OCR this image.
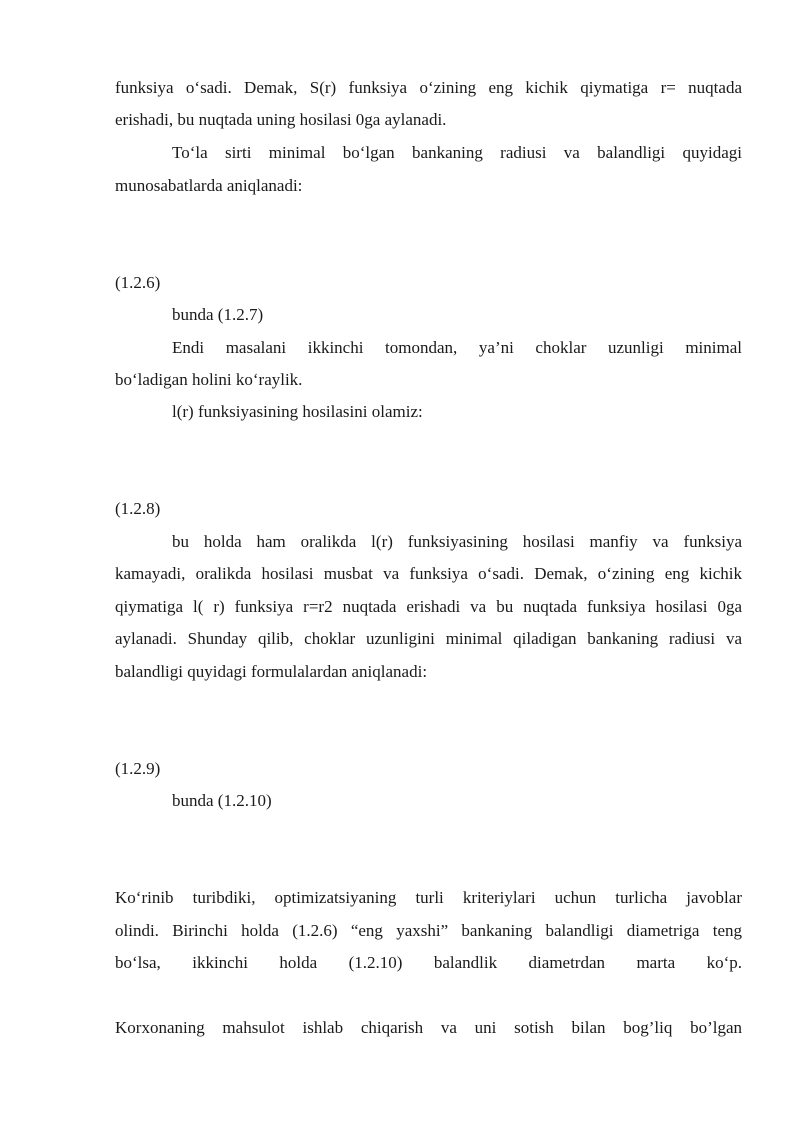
funksiya o‘sadi. Demak, S(r) funksiya o‘zining eng kichik qiymatiga r= nuqtada
erishadi, bu nuqtada uning hosilasi 0ga aylanadi.
To‘la sirti minimal bo‘lgan bankaning radiusi va balandligi quyidagi
munosabatlarda aniqlanadi:
(1.2.6)
bunda (1.2.7)
Endi masalani ikkinchi tomondan, ya’ni choklar uzunligi minimal
bo‘ladigan holini ko‘raylik.
l(r) funksiyasining hosilasini olamiz:
(1.2.8)
bu holda ham oralikda l(r) funksiyasining hosilasi manfiy va funksiya
kamayadi, oralikda hosilasi musbat va funksiya o‘sadi. Demak, o‘zining eng kichik
qiymatiga l( r) funksiya r=r2 nuqtada erishadi va bu nuqtada funksiya hosilasi 0ga
aylanadi. Shunday qilib, choklar uzunligini minimal qiladigan bankaning radiusi va
balandligi quyidagi formulalardan aniqlanadi:
(1.2.9)
bunda (1.2.10)
Ko‘rinib turibdiki, optimizatsiyaning turli kriteriylari uchun turlicha javoblar
olindi. Birinchi holda (1.2.6) “eng yaxshi” bankaning balandligi diametriga teng
bo‘lsa, ikkinchi holda (1.2.10) balandlik diametrdan marta ko‘p.
Korxonaning mahsulot ishlab chiqarish va uni sotish bilan bog’liq bo’lgan
